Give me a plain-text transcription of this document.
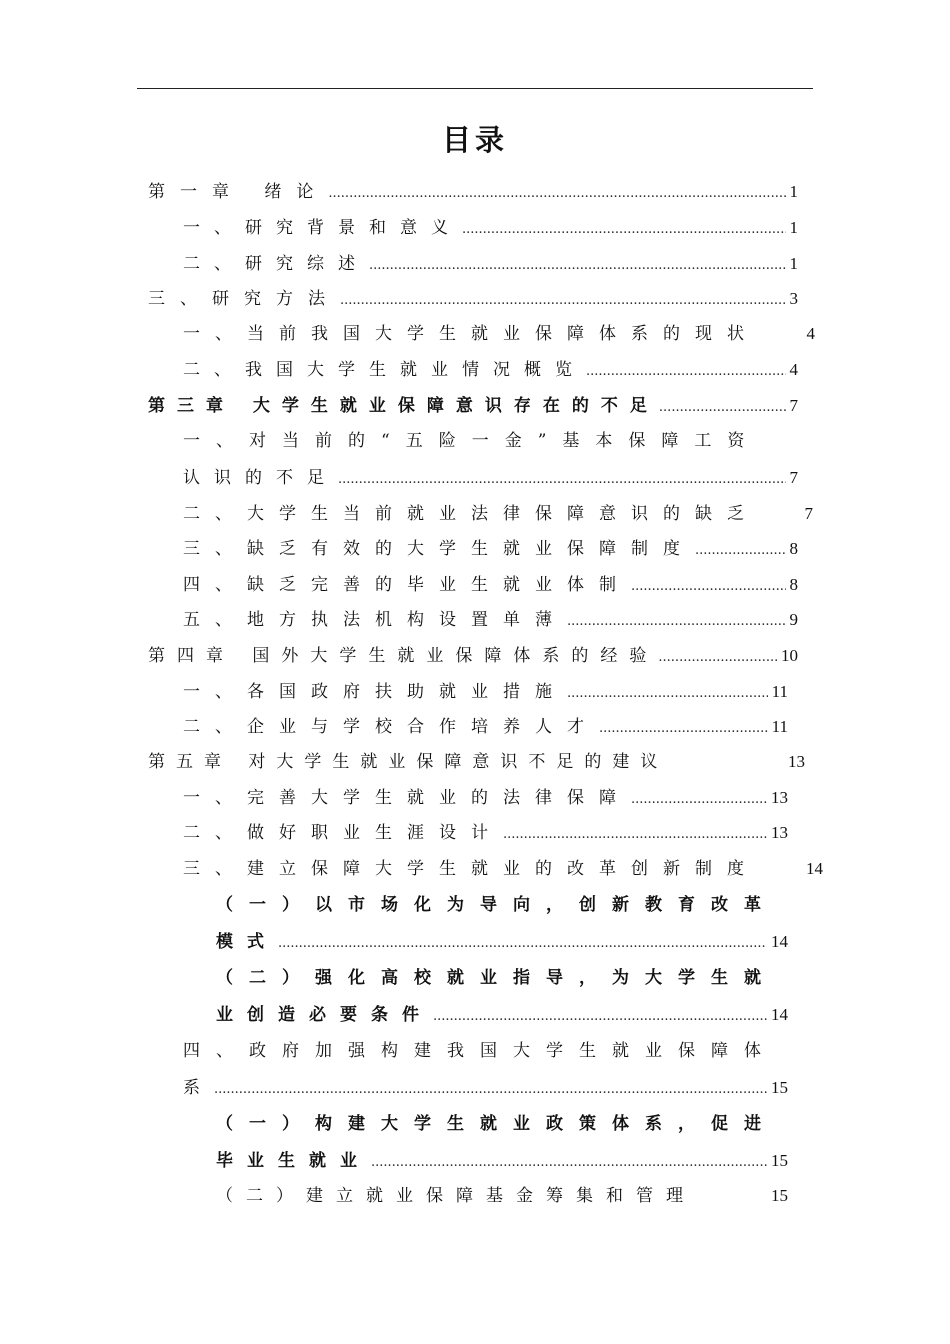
目录
第一章 绪论 .....	1
一、研究背景和意义 .....	1
二、研究综述 .....	1
三、研究方法 .....	3
一、当前我国大学生就业保障体系的现状	4
二、我国大学生就业情况概览 .....	4
第三章 大学生就业保障意识存在的不足 .....	7
一、对当前的“五险一金”基本保障工资
认识的不足 .....	7
二、大学生当前就业法律保障意识的缺乏	7
三、缺乏有效的大学生就业保障制度 .....	8
四、缺乏完善的毕业生就业体制 .....	8
五、地方执法机构设置单薄 .....	9
第四章 国外大学生就业保障体系的经验 .....	10
一、各国政府扶助就业措施 .....	11
二、企业与学校合作培养人才 .....	11
第五章 对大学生就业保障意识不足的建议	13
一、完善大学生就业的法律保障 .....	13
二、做好职业生涯设计 .....	13
三、建立保障大学生就业的改革创新制度	14
（一）以市场化为导向，创新教育改革
模式 .....	14
（二）强化高校就业指导，为大学生就
业创造必要条件 .....	14
四、政府加强构建我国大学生就业保障体
系 .....	15
（一）构建大学生就业政策体系，促进
毕业生就业 .....	15
（二）建立就业保障基金筹集和管理	15
